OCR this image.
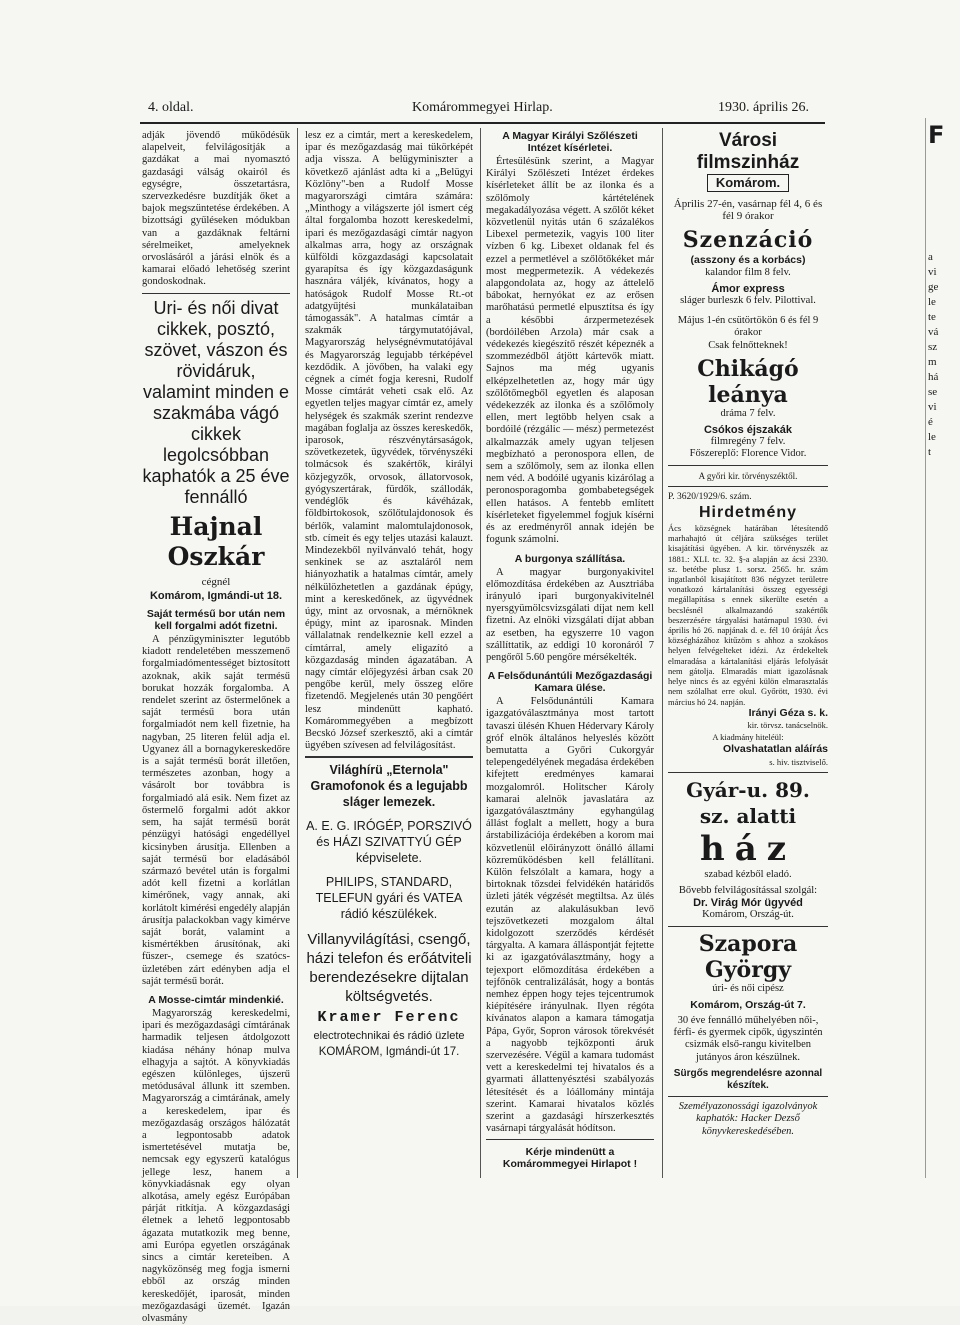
4. oldal.	Komárommegyei Hirlap.	1930. április 26.

adják jövendő működésük alapelveit, felvilágosítják a gazdákat a mai nyomasztó gazdasági válság okairól és egységre, összetartásra, szervezkedésre buzdítják őket a bajok megszüntetése érdekében. A bizottsági gyűléseken módukban van a gazdáknak feltárni sérelmeiket, amelyeknek orvoslásáról a járási elnök és a kamarai előadó lehetőség szerint gondoskodnak.

Uri- és női divat cikkek, posztó, szövet, vászon és rövidáruk, valamint minden e szakmába vágó cikkek legolcsóbban kaphatók a 25 éve fennálló
Hajnal
Oszkár
cégnél
Komárom, Igmándi-ut 18.
Saját termésű bor után nem kell forgalmi adót fizetni.

A pénzügyminiszter legutóbb kiadott rendeletében messzemenő forgalmiadómentességet biztosított azoknak, akik saját termésű borukat hozzák forgalomba. A rendelet szerint az őstermelőnek a saját termésű bora után forgalmiadót nem kell fizetnie, ha nagyban, 25 literen felül adja el. Ugyanez áll a bornagykereskedőre is a saját termésű borát illetően, természetes azonban, hogy a vásárolt bor továbbra is forgalmiadó alá esik. Nem fizet az őstermelő forgalmi adót akkor sem, ha saját termésű borát pénzügyi hatósági engedéllyel kicsinyben árusítja. Ellenben a saját termésű bor eladásából származó bevétel után is forgalmi adót kell fizetni a korlátlan kimérőnek, vagy annak, aki korlátolt kimérési engedély alapján árusítja palackokban vagy kimérve saját borát, valamint a kismértékben árusítónak, aki füszer-, csemege és szatócs-üzletében zárt edényben adja el saját termésű borát.

A Mosse-cimtár mindenkié.

Magyarország kereskedelmi, ipari és mezőgazdasági címtárának harmadik teljesen átdolgozott kiadása néhány hónap mulva elhagyja a sajtót. A könyvkiadás egészen különleges, újszerű metódusával állunk itt szemben. Magyarország a cimtárának, amely a kereskedelem, ipar és mezőgazdaság országos hálózatát a legpontosabb adatok ismertetésével mutatja be, nemcsak egy egyszerű katalógus jellege lesz, hanem a könyvkiadásnak egy olyan alkotása, amely egész Európában párját ritkítja. A közgazdasági életnek a lehető legpontosabb ágazata mutatkozik meg benne, ami Európa egyetlen országának sincs a cimtár kereteiben. A nagyközönség meg fogja ismerni ebből az ország minden kereskedőjét, iparosát, minden mezőgazdasági üzemét. Igazán olvasmány

lesz ez a cimtár, mert a kereskedelem, ipar és mezőgazdaság mai tükörképét adja vissza. A belügyminiszter a következő ajánlást adta ki a „Belügyi Közlöny"-ben a Rudolf Mosse magyarországi cimtára számára: „Minthogy a világszerte jól ismert cég által forgalomba hozott kereskedelmi, ipari és mezőgazdasági címtár nagyon alkalmas arra, hogy az országnak külföldi közgazdasági kapcsolatait gyarapítsa és így közgazdaságunk hasznára váljék, kívánatos, hogy a hatóságok Rudolf Mosse Rt.-ot adatgyűjtési munkálataiban támogassák". A hatalmas címtár a szakmák tárgymutatójával, Magyarország helységnévmutatójával és Magyarország legujabb térképével kezdődik. A jövőben, ha valaki egy cégnek a címét fogja keresni, Rudolf Mosse címtárát veheti csak elő. Az egyetlen teljes magyar címtár ez, amely helységek és szakmák szerint rendezve magában foglalja az összes kereskedők, iparosok, részvénytársaságok, szövetkezetek, ügyvédek, törvényszéki tolmácsok és szakértők, királyi közjegyzők, orvosok, állatorvosok, gyógyszertárak, fürdők, szállodák, vendéglők és kávéházak, földbirtokosok, szőlőtulajdonosok és bérlők, valamint malomtulajdonosok, stb. címeit és egy teljes utazási kalauzt. Mindezekből nyilvánvaló tehát, hogy senkinek se az asztaláról nem hiányozhatik a hatalmas címtár, amely nélkülözhetetlen a gazdának épúgy, mint a kereskedőnek, az ügyvédnek úgy, mint az orvosnak, a mérnöknek épúgy, mint az iparosnak. Minden vállalatnak rendelkeznie kell ezzel a címtárral, amely eligazító a közgazdaság minden ágazatában. A nagy címtár előjegyzési árban csak 20 pengőbe kerül, mely összeg előre fizetendő. Megjelenés után 30 pengőért lesz mindenütt kapható. Komárommegyében a megbízott Becskó József szerkesztő, aki a címtár ügyében szívesen ad felvilágosítást.

Világhírü „Eternola"
Gramofonok és a legujabb
sláger lemezek.
A. E. G. IRÓGÉP, PORSZIVÓ és HÁZI SZIVATTYÚ GÉP képviselete.
PHILIPS, STANDARD, TELEFUN gyári és VATEA rádió készülékek.
Villanyvilágítási, csengő, házi telefon és erőátviteli berendezésekre dijtalan költségvetés.
Kramer Ferenc
electrotechnikai és rádió üzlete
KOMÁROM, Igmándi-út 17.
A Magyar Királyi Szőlészeti Intézet kísérletei.

Értesülésünk szerint, a Magyar Királyi Szőlészeti Intézet érdekes kísérleteket állít be az ilonka és a szőlőmoly kártételének megakadályozása végett. A szőlőt kéket közvetlenül nyitás után 6 százalékos Libexel permetezik, vagyis 100 liter vízben 6 kg. Libexet oldanak fel és ezzel a permetlével a szőlőtőkéket már most megpermetezik. A védekezés alapgondolata az, hogy az áttelelő bábokat, hernyókat ez az erősen marőhatású permetlé elpusztítsa és így a későbbi árzpermetezések (bordóilében Arzola) már csak a védekezés kiegészítő részét képeznék a szommezédből átjött kártevők miatt. Sajnos ma még ugyanis elképzelhetetlen az, hogy már úgy szőlőtőmegből egyetlen és alaposan védekezzék az ilonka és a szőlőmoly ellen, mert legtöbb helyen csak a bordóilé (rézgálic — mész) permetezést alkalmazzák amely ugyan teljesen megbízható a peronospora ellen, de sem a szőlőmoly, sem az ilonka ellen nem véd. A bodóilé ugyanis kizárólag a peronosporagomba gombabetegségek ellen hatásos. A fentebb említett kísérleteket figyelemmel fogjuk kísérni és az eredményről annak idején be fogunk számolni.

A burgonya szállítása.

A magyar burgonyakivitel előmozdítása érdekében az Ausztriába irányuló ipari burgonyakivitelnél nyersgyümölcsvizsgálati díjat nem kell fizetni. Az elnöki vizsgálati díjat abban az esetben, ha egyszerre 10 vagon szállíttatik, az eddigi 10 koronáról 7 pengőről 5.60 pengőre mérsékelték.

A Felsődunántúli Mezőgazdasági Kamara ülése.

A Felsődunántúli Kamara igazgatóválasztmánya most tartott tavaszi ülésén Khuen Hédervary Károly gróf elnök általános helyeslés között bemutatta a Győri Cukorgyár telepengedélyének megadása érdekében kifejtett eredményes kamarai mozgalomról. Holitscher Károly kamarai alelnök javaslatára az igazgatóválasztmány egyhangúlag állást foglalt a mellett, hogy a bura árstabilizációja érdekében a korom mai közvetlenül előirányzott önálló állami közreműködésben kell felállítani. Külön felszólalt a kamara, hogy a birtoknak tőzsdei felvidékén határidős üzleti játék végzését megtiltsa. Az ülés ezután az alakulásukban levő tejszövetkezeti mozgalom által kidolgozott szerződés kérdését tárgyalta. A kamara álláspontját fejtette ki az igazgatóválasztmány, hogy a tejexport előmozdítása érdekében a tejfőnök centralizálását, hogy a bontás nemhez éppen hogy tejes tejcentrumok kiépítésére irányulnak. Ilyen régóta kívánatos alapon a kamara támogatja Pápa, Győr, Sopron városok törekvését a nagyobb tejközponti áruk szervezésére. Végül a kamara tudomást vett a kereskedelmi tej hivatalos és a gyarmati állattenyésztési szabályozás létesítését és a lóállomány mintája szerint. Kamarai hivatalos közlés szerint a gazdasági hírszerkesztés vasárnapi tárgyalását hódítson.

Kérje mindenütt a Komárommegyei Hirlapot !
Városi filmszinház
Komárom.
Április 27-én, vasárnap fél 4, 6 és fél 9 órakor
Szenzáció
(asszony és a korbács)
kalandor film 8 felv.
Ámor express
sláger burleszk 6 felv. Pilottival.
Május 1-én csütörtökön 6 és fél 9 órakor
Csak felnőtteknek!
Chikágó leánya
dráma 7 felv.
Csókos éjszakák
filmregény 7 felv.
Főszereplő: Florence Vidor.
A győri kir. törvényszéktől.
P. 3620/1929/6. szám.
Hirdetmény
Ács községnek határában létesítendő marhahajtó út céljára szükséges terület kisajátítási ügyében. A kir. törvényszék az 1881.: XLI. tc. 32. §-a alapján az ácsi 2330. sz. betétbe plusz 1. sorsz. 2565. hr. szám ingatlanból kisajátított 836 négyzet területre vonatkozó kártalanítási összeg egyességi megállapítása s ennek sikerülte esetén a becslésnél alkalmazandó szakértők beszerzésére tárgyalási határnapul 1930. évi április hó 26. napjának d. e. fél 10 óráját Ács községházához kitűzöm s ahhoz a szokásos helyen felvégelteket idézi. Az érdekeltek elmaradása a kártalanítási eljárás lefolyását nem gátolja. Elmaradás miatt igazolásnak helye nincs és az egyéni külön elmarasztalás nem szólalhat erre okul. Győrött, 1930. évi március hó 24. napján.
Irányi Géza s. k.
kir. törvsz. tanácselnök.
A kiadmány hiteléül:
Olvashatatlan aláírás
s. hiv. tisztviselő.
Gyár-u. 89. sz. alatti
ház
szabad kézből eladó.
Bővebb felvilágosítással szolgál:
Dr. Virág Mór ügyvéd
Komárom, Ország-út.
Szapora György
úri- és női cipész
Komárom, Ország-út 7.
30 éve fennálló műhelyében női-, férfi- és gyermek cipők, úgyszintén csizmák első-rangu kivitelben jutányos áron készülnek.
Sürgős megrendelésre azonnal készítek.
Személyazonossági igazolványok kaphatók: Hacker Dezső könyvkereskedésében.
F
a
vi
ge
le
te
vá
sz
m
há
se
vi
é
le
t
